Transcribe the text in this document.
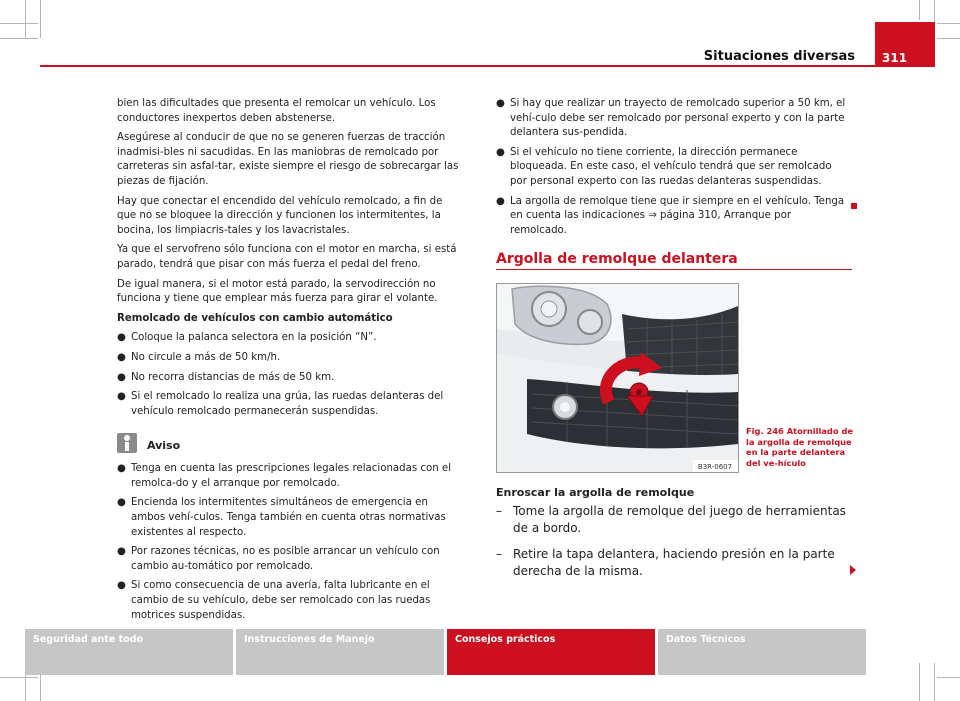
Situaciones diversas 311

bien las dificultades que presenta el remolcar un vehículo. Los conductores inexpertos deben abstenerse.

Asegúrese al conducir de que no se generen fuerzas de tracción inadmisi-bles ni sacudidas. En las maniobras de remolcado por carreteras sin asfal-tar, existe siempre el riesgo de sobrecargar las piezas de fijación.

Hay que conectar el encendido del vehículo remolcado, a fin de que no se bloquee la dirección y funcionen los intermitentes, la bocina, los limpiacris-tales y los lavacristales.

Ya que el servofreno sólo funciona con el motor en marcha, si está parado, tendrá que pisar con más fuerza el pedal del freno.

De igual manera, si el motor está parado, la servodirección no funciona y tiene que emplear más fuerza para girar el volante.

Remolcado de vehículos con cambio automático

● Coloque la palanca selectora en la posición “N”.
● No circule a más de 50 km/h.
● No recorra distancias de más de 50 km.
● Si el remolcado lo realiza una grúa, las ruedas delanteras del vehículo remolcado permanecerán suspendidas.
Aviso
● Tenga en cuenta las prescripciones legales relacionadas con el remolca-do y el arranque por remolcado.
● Encienda los intermitentes simultáneos de emergencia en ambos vehí-culos. Tenga también en cuenta otras normativas existentes al respecto.
● Por razones técnicas, no es posible arrancar un vehículo con cambio au-tomático por remolcado.
● Si como consecuencia de una avería, falta lubricante en el cambio de su vehículo, debe ser remolcado con las ruedas motrices suspendidas.
● Si hay que realizar un trayecto de remolcado superior a 50 km, el vehí-culo debe ser remolcado por personal experto y con la parte delantera sus-pendida.
● Si el vehículo no tiene corriente, la dirección permanece bloqueada. En este caso, el vehículo tendrá que ser remolcado por personal experto con las ruedas delanteras suspendidas.
● La argolla de remolque tiene que ir siempre en el vehículo. Tenga en cuenta las indicaciones ⇒ página 310, Arranque por remolcado.
Argolla de remolque delantera
B3R-0607
Fig. 246 Atornillado de la argolla de remolque en la parte delantera del ve-hículo
Enroscar la argolla de remolque
– Tome la argolla de remolque del juego de herramientas de a bordo.
– Retire la tapa delantera, haciendo presión en la parte derecha de la misma.
Seguridad ante todo	Instrucciones de Manejo	Consejos prácticos	Datos Técnicos
